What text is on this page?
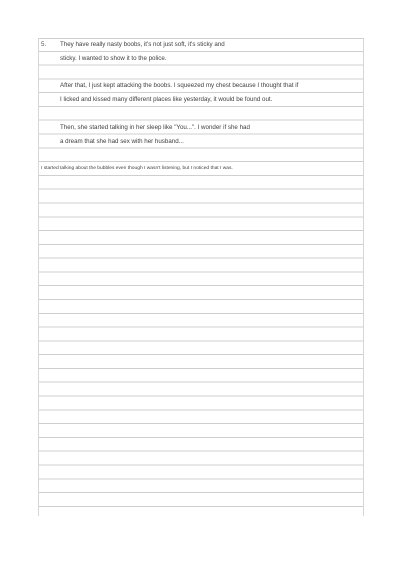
5. They have really nasty boobs, it's not just soft, it's sticky and
sticky. I wanted to show it to the police.
After that, I just kept attacking the boobs. I squeezed my chest because I thought that if
I licked and kissed many different places like yesterday, it would be found out.
Then, she started talking in her sleep like "You...". I wonder if she had
a dream that she had sex with her husband...
I started talking about the bubbles even though I wasn't listening, but I noticed that I was.
